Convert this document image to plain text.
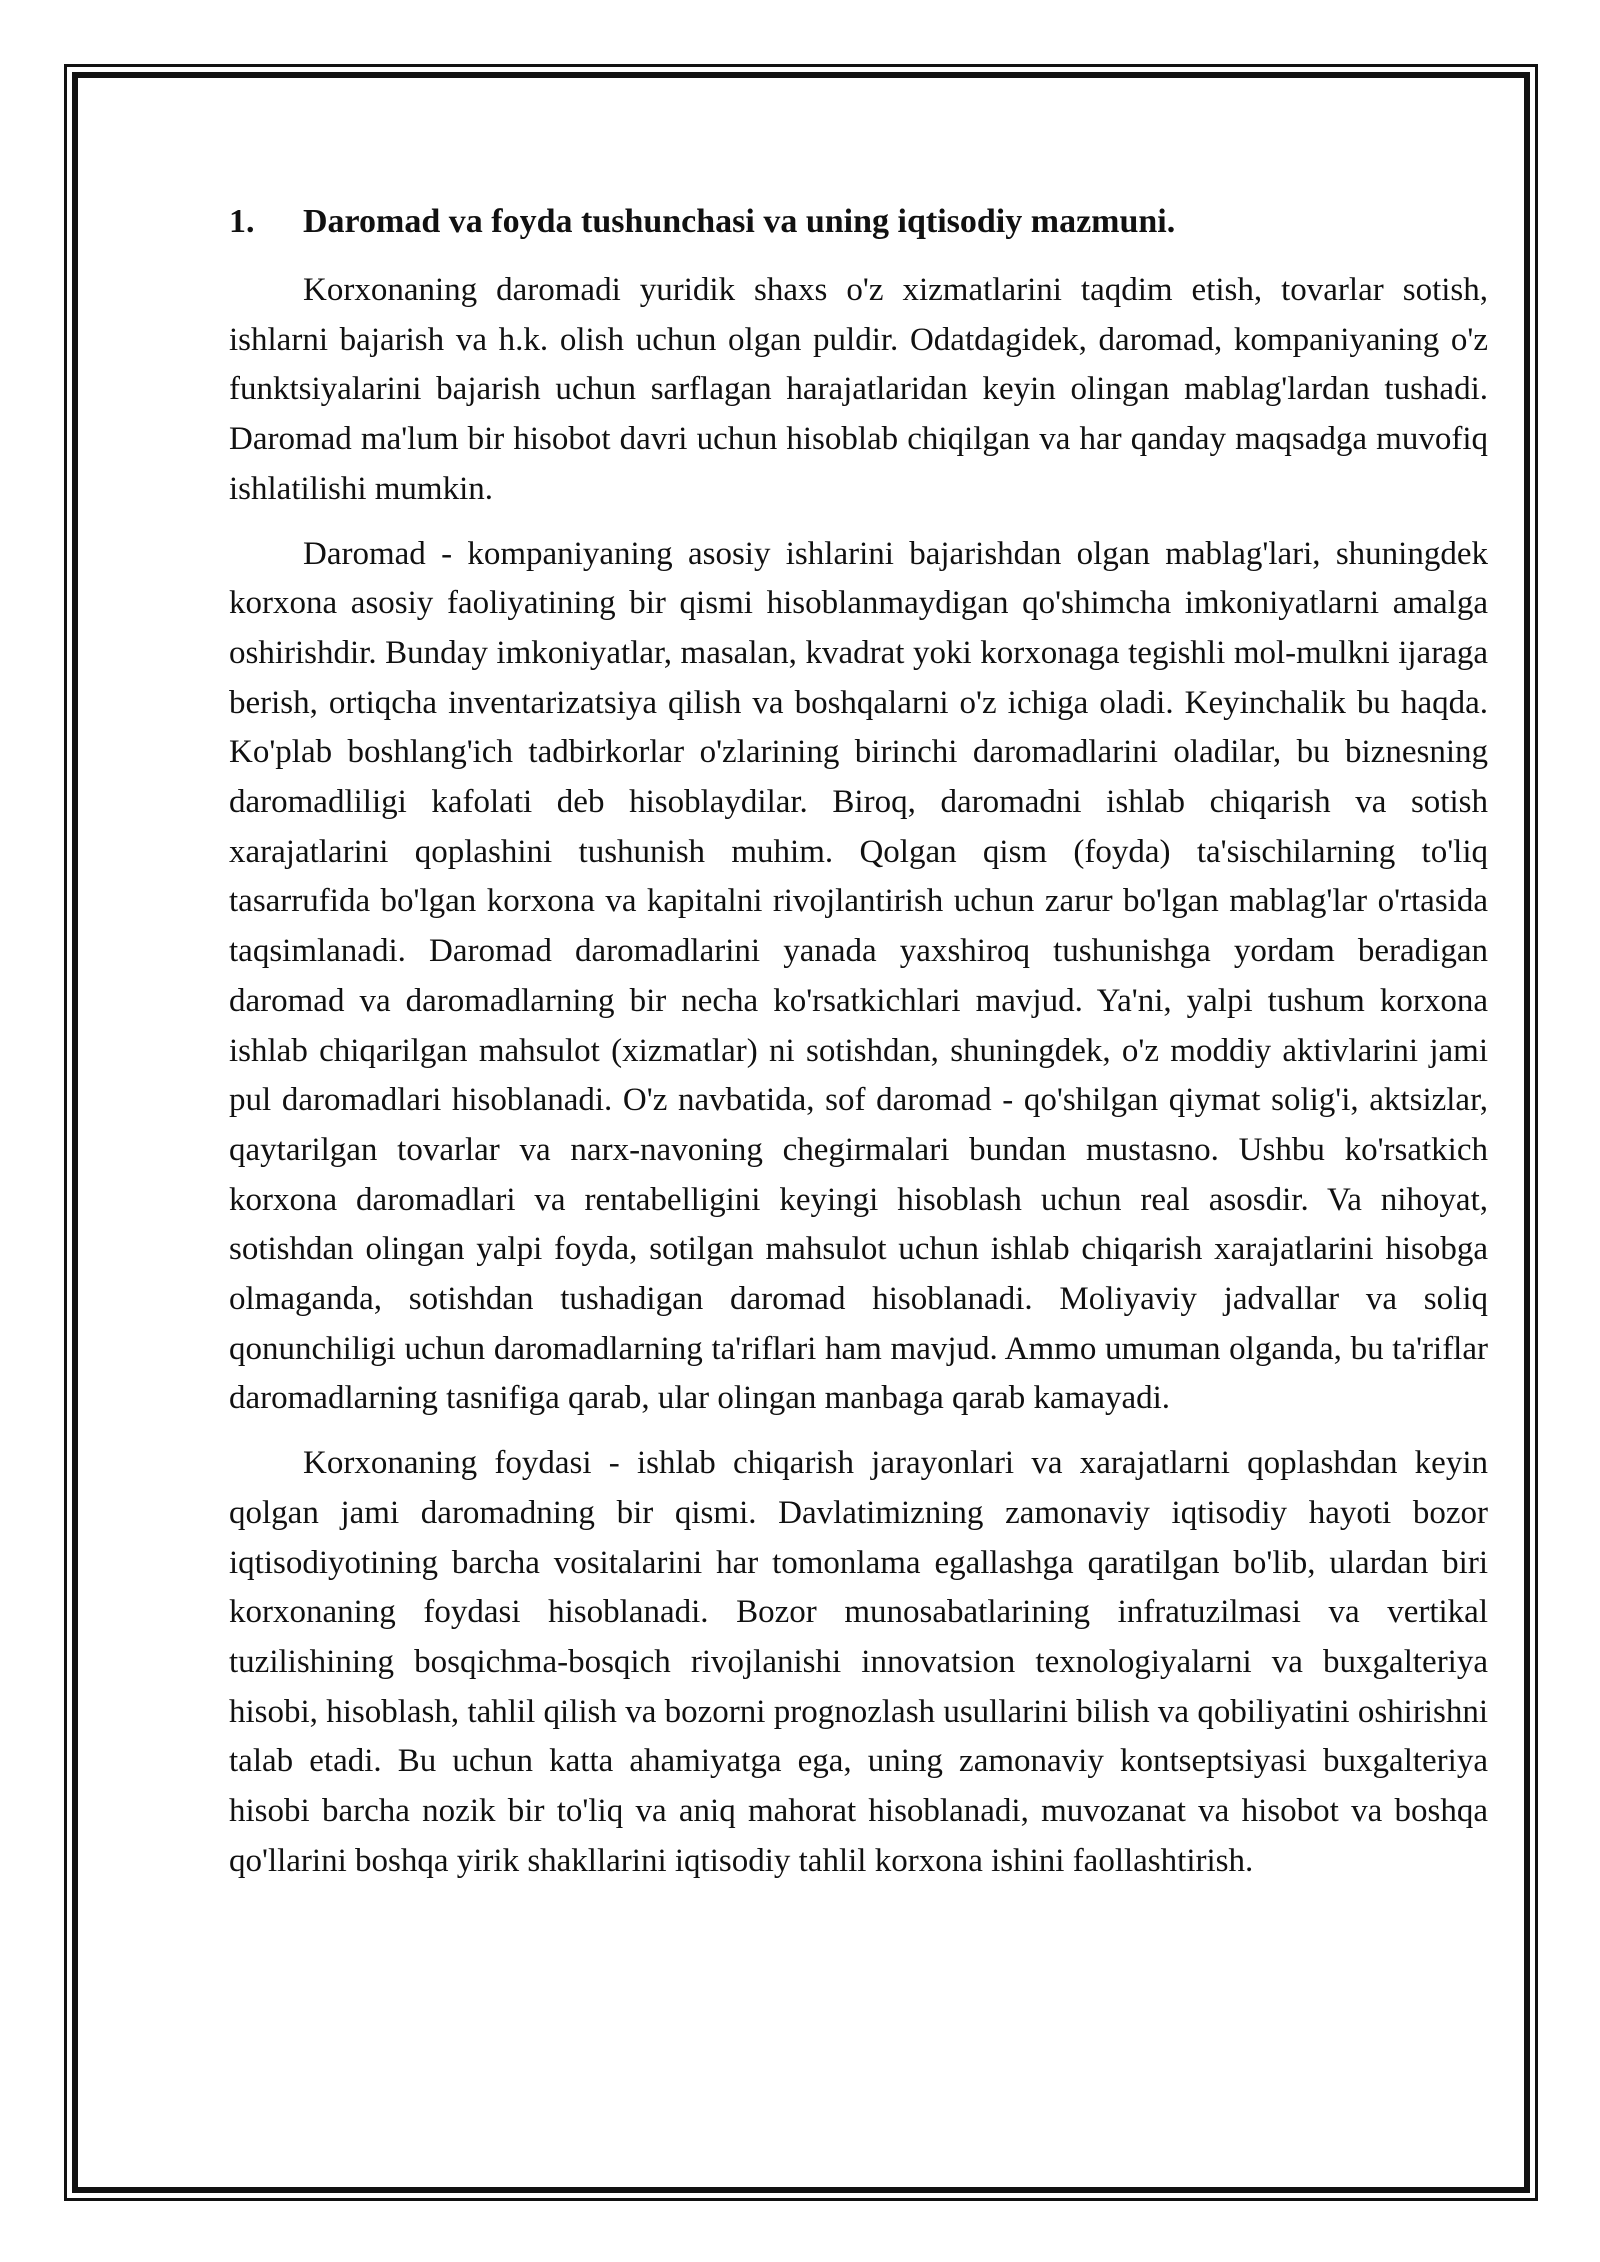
1.	Daromad va foyda tushunchasi va uning iqtisodiy mazmuni.

Korxonaning daromadi yuridik shaxs o'z xizmatlarini taqdim etish, tovarlar sotish, ishlarni bajarish va h.k. olish uchun olgan puldir. Odatdagidek, daromad, kompaniyaning o'z funktsiyalarini bajarish uchun sarflagan harajatlaridan keyin olingan mablag'lardan tushadi. Daromad ma'lum bir hisobot davri uchun hisoblab chiqilgan va har qanday maqsadga muvofiq ishlatilishi mumkin.

Daromad - kompaniyaning asosiy ishlarini bajarishdan olgan mablag'lari, shuningdek korxona asosiy faoliyatining bir qismi hisoblanmaydigan qo'shimcha imkoniyatlarni amalga oshirishdir. Bunday imkoniyatlar, masalan, kvadrat yoki korxonaga tegishli mol-mulkni ijaraga berish, ortiqcha inventarizatsiya qilish va boshqalarni o'z ichiga oladi. Keyinchalik bu haqda. Ko'plab boshlang'ich tadbirkorlar o'zlarining birinchi daromadlarini oladilar, bu biznesning daromadliligi kafolati deb hisoblaydilar. Biroq, daromadni ishlab chiqarish va sotish xarajatlarini qoplashini tushunish muhim. Qolgan qism (foyda) ta'sischilarning to'liq tasarrufida bo'lgan korxona va kapitalni rivojlantirish uchun zarur bo'lgan mablag'lar o'rtasida taqsimlanadi. Daromad daromadlarini yanada yaxshiroq tushunishga yordam beradigan daromad va daromadlarning bir necha ko'rsatkichlari mavjud. Ya'ni, yalpi tushum korxona ishlab chiqarilgan mahsulot (xizmatlar) ni sotishdan, shuningdek, o'z moddiy aktivlarini jami pul daromadlari hisoblanadi. O'z navbatida, sof daromad - qo'shilgan qiymat solig'i, aktsizlar, qaytarilgan tovarlar va narx-navoning chegirmalari bundan mustasno. Ushbu ko'rsatkich korxona daromadlari va rentabelligini keyingi hisoblash uchun real asosdir. Va nihoyat, sotishdan olingan yalpi foyda, sotilgan mahsulot uchun ishlab chiqarish xarajatlarini hisobga olmaganda, sotishdan tushadigan daromad hisoblanadi. Moliyaviy jadvallar va soliq qonunchiligi uchun daromadlarning ta'riflari ham mavjud. Ammo umuman olganda, bu ta'riflar daromadlarning tasnifiga qarab, ular olingan manbaga qarab kamayadi.

Korxonaning foydasi - ishlab chiqarish jarayonlari va xarajatlarni qoplashdan keyin qolgan jami daromadning bir qismi. Davlatimizning zamonaviy iqtisodiy hayoti bozor iqtisodiyotining barcha vositalarini har tomonlama egallashga qaratilgan bo'lib, ulardan biri korxonaning foydasi hisoblanadi. Bozor munosabatlarining infratuzilmasi va vertikal tuzilishining bosqichma-bosqich rivojlanishi innovatsion texnologiyalarni va buxgalteriya hisobi, hisoblash, tahlil qilish va bozorni prognozlash usullarini bilish va qobiliyatini oshirishni talab etadi. Bu uchun katta ahamiyatga ega, uning zamonaviy kontseptsiyasi buxgalteriya hisobi barcha nozik bir to'liq va aniq mahorat hisoblanadi, muvozanat va hisobot va boshqa qo'llarini boshqa yirik shakllarini iqtisodiy tahlil korxona ishini faollashtirish.
